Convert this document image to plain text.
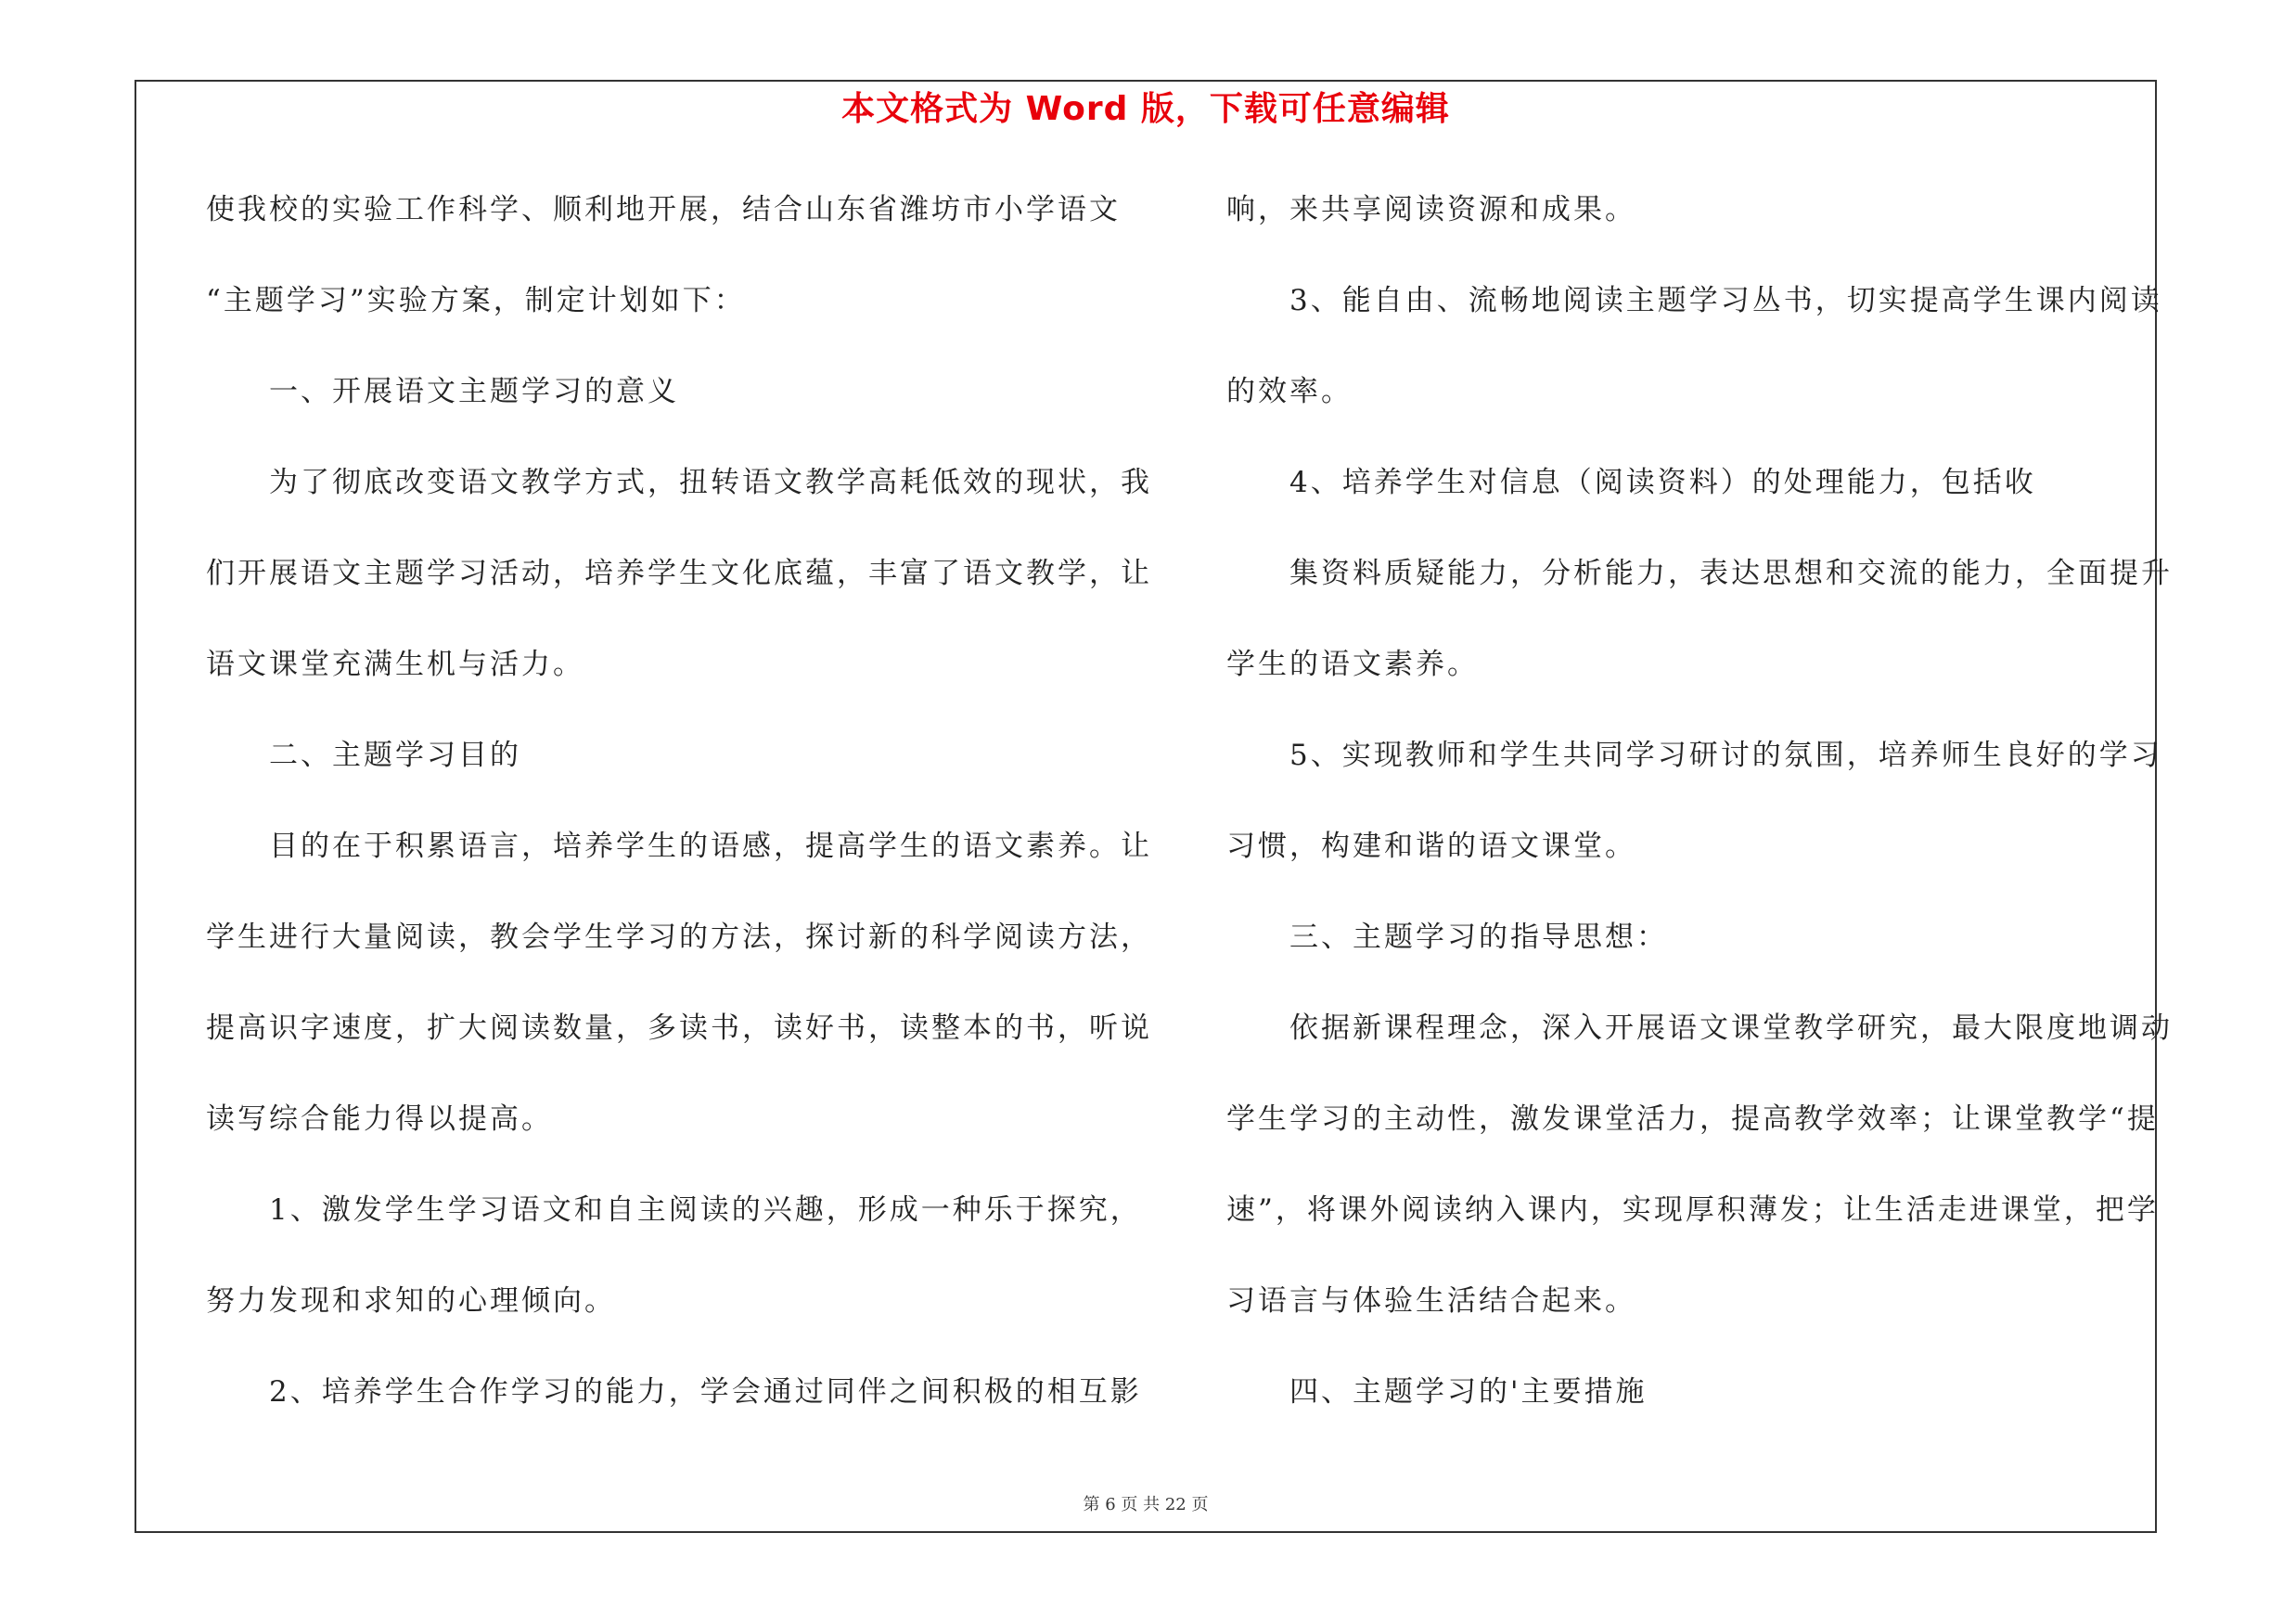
本文格式为 Word 版，下载可任意编辑
使我校的实验工作科学、顺利地开展，结合山东省潍坊市小学语文
“主题学习”实验方案，制定计划如下：
一、开展语文主题学习的意义
为了彻底改变语文教学方式，扭转语文教学高耗低效的现状，我
们开展语文主题学习活动，培养学生文化底蕴，丰富了语文教学，让
语文课堂充满生机与活力。
二、主题学习目的
目的在于积累语言，培养学生的语感，提高学生的语文素养。让
学生进行大量阅读，教会学生学习的方法，探讨新的科学阅读方法，
提高识字速度，扩大阅读数量，多读书，读好书，读整本的书，听说
读写综合能力得以提高。
1、激发学生学习语文和自主阅读的兴趣，形成一种乐于探究，
努力发现和求知的心理倾向。
2、培养学生合作学习的能力，学会通过同伴之间积极的相互影
响，来共享阅读资源和成果。
3、能自由、流畅地阅读主题学习丛书，切实提高学生课内阅读
的效率。
4、培养学生对信息（阅读资料）的处理能力，包括收
集资料质疑能力，分析能力，表达思想和交流的能力，全面提升
学生的语文素养。
5、实现教师和学生共同学习研讨的氛围，培养师生良好的学习
习惯，构建和谐的语文课堂。
三、主题学习的指导思想：
依据新课程理念，深入开展语文课堂教学研究，最大限度地调动
学生学习的主动性，激发课堂活力，提高教学效率；让课堂教学“提
速”，将课外阅读纳入课内，实现厚积薄发；让生活走进课堂，把学
习语言与体验生活结合起来。
四、主题学习的'主要措施
第 6 页 共 22 页
